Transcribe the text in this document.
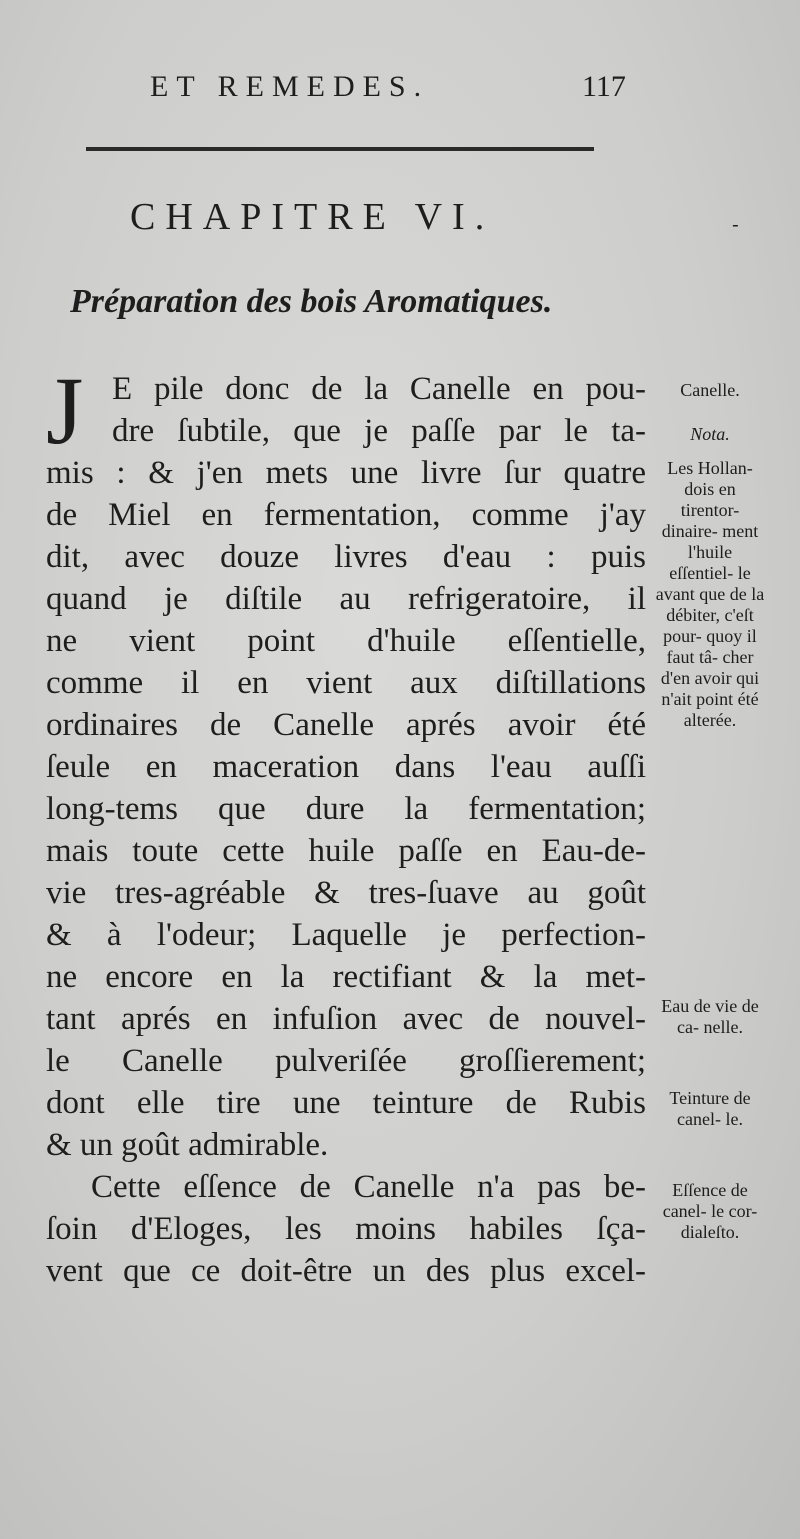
ET REMEDES.	117
CHAPITRE VI.	-
Préparation des bois Aromatiques.
J E pile donc de la Canelle en pou-
dre ſubtile, que je paſſe par le ta-
mis : & j'en mets une livre ſur quatre
de Miel en fermentation, comme j'ay
dit, avec douze livres d'eau : puis
quand je diſtile au refrigeratoire, il
ne vient point d'huile eſſentielle,
comme il en vient aux diſtillations
ordinaires de Canelle aprés avoir été
ſeule en maceration dans l'eau auſſi
long-tems que dure la fermentation;
mais toute cette huile paſſe en Eau-de-
vie tres-agréable & tres-ſuave au goût
& à l'odeur; Laquelle je perfection-
ne encore en la rectifiant & la met-
tant aprés en infuſion avec de nouvel-
le Canelle pulveriſée groſſierement;
dont elle tire une teinture de Rubis
& un goût admirable.
Cette eſſence de Canelle n'a pas be-
ſoin d'Eloges, les moins habiles ſça-
vent que ce doit-être un des plus excel-
Canelle.
Nota.
Les Hollan- dois en tirentor- dinaire- ment l'huile eſſentiel- le avant que de la débiter, c'eſt pour- quoy il faut tâ- cher d'en avoir qui n'ait point été alterée.
Eau de vie de ca- nelle.
Teinture de canel- le.
Eſſence de canel- le cor- dialeſto.
